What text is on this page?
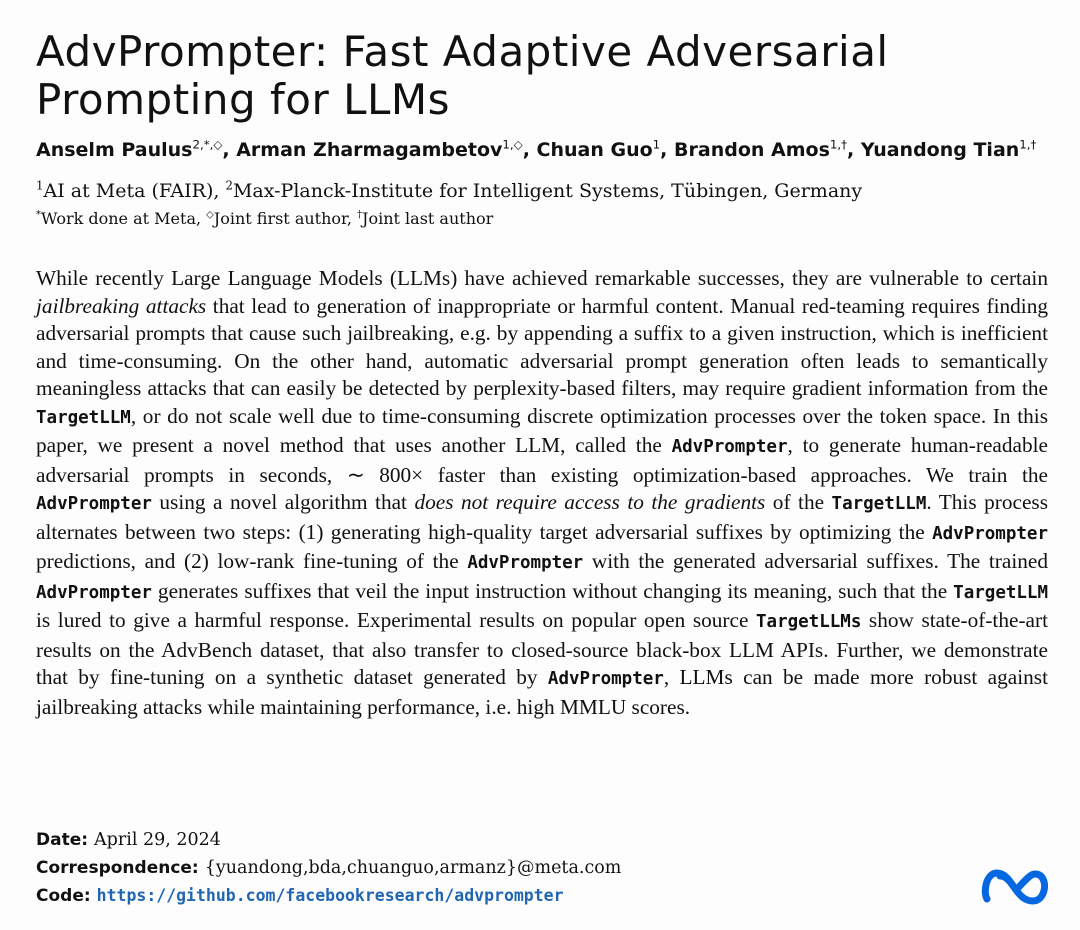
AdvPrompter: Fast Adaptive Adversarial Prompting for LLMs
Anselm Paulus$^{2,*,◇}$, Arman Zharmagambetov$^{1,◇}$, Chuan Guo$^1$, Brandon Amos$^{1,\dagger}$, Yuandong Tian$^{1,\dagger}$
$^1$AI at Meta (FAIR), $^2$Max-Planck-Institute for Intelligent Systems, Tübingen, Germany
*Work done at Meta, ◇Joint first author, †Joint last author

While recently Large Language Models (LLMs) have achieved remarkable successes, they are vulnerable to certain jailbreaking attacks that lead to generation of inappropriate or harmful content. Manual red-teaming requires finding adversarial prompts that cause such jailbreaking, e.g. by appending a suffix to a given instruction, which is inefficient and time-consuming. On the other hand, automatic adversarial prompt generation often leads to semantically meaningless attacks that can easily be detected by perplexity-based filters, may require gradient information from the TargetLLM, or do not scale well due to time-consuming discrete optimization processes over the token space. In this paper, we present a novel method that uses another LLM, called the AdvPrompter, to generate human-readable adversarial prompts in seconds, ∼ 800× faster than existing optimization-based approaches. We train the AdvPrompter using a novel algorithm that does not require access to the gradients of the TargetLLM. This process alternates between two steps: (1) generating high-quality target adversarial suffixes by optimizing the AdvPrompter predictions, and (2) low-rank fine-tuning of the AdvPrompter with the generated adversarial suffixes. The trained AdvPrompter generates suffixes that veil the input instruction without changing its meaning, such that the TargetLLM is lured to give a harmful response. Experimental results on popular open source TargetLLMs show state-of-the-art results on the AdvBench dataset, that also transfer to closed-source black-box LLM APIs. Further, we demonstrate that by fine-tuning on a synthetic dataset generated by AdvPrompter, LLMs can be made more robust against jailbreaking attacks while maintaining performance, i.e. high MMLU scores.

Date: April 29, 2024
Correspondence: {yuandong,bda,chuanguo,armanz}@meta.com
Code: https://github.com/facebookresearch/advprompter
